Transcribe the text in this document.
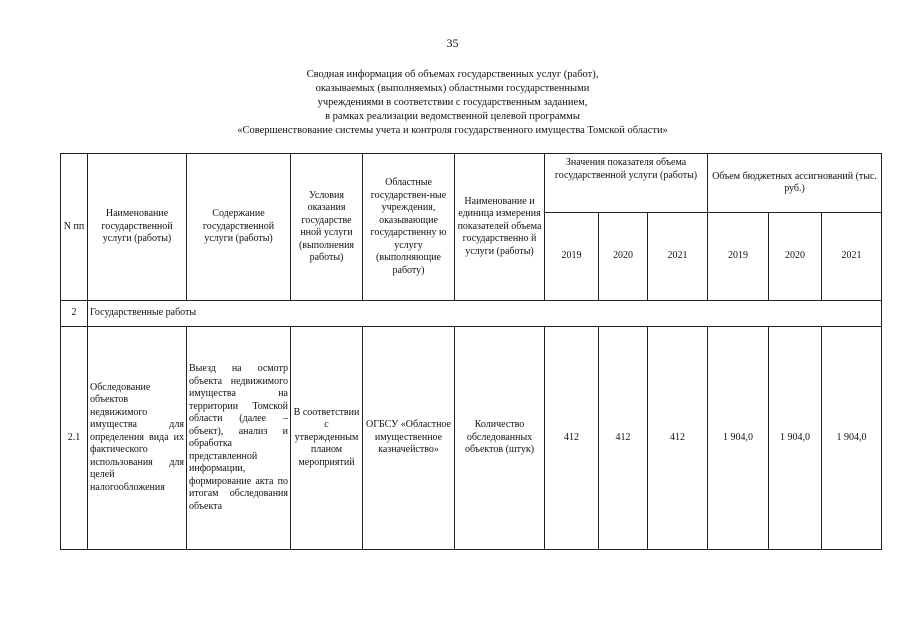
35
Сводная информация об объемах государственных услуг (работ),
оказываемых (выполняемых) областными государственными
учреждениями в соответствии с государственным заданием,
в рамках реализации ведомственной целевой программы
«Совершенствование системы учета и контроля государственного имущества Томской области»
N пп	Наименование государственной услуги (работы)	Содержание государственной услуги (работы)	Условия оказания государстве нной услуги (выполнения работы)	Областные государствен-ные учреждения, оказывающие государственну ю услугу (выполняющие работу)	Наименование и единица измерения показателей объема государственно й услуги (работы)	Значения показателя объема государственной услуги (работы)			Объем бюджетных ассигнований (тыс. руб.)		
						2019	2020	2021	2019	2020	2021
2	Государственные работы										
2.1	Обследование объектов недвижимого имущества для определения вида их фактического использования для целей налогообложения	Выезд на осмотр объекта недвижимого имущества на территории Томской области (далее – объект), анализ и обработка представленной информации, формирование акта по итогам обследования объекта	В соответствии с утвержденным планом мероприятий	ОГБСУ «Областное имущественное казначейство»	Количество обследованных объектов (штук)	412	412	412	1 904,0	1 904,0	1 904,0
